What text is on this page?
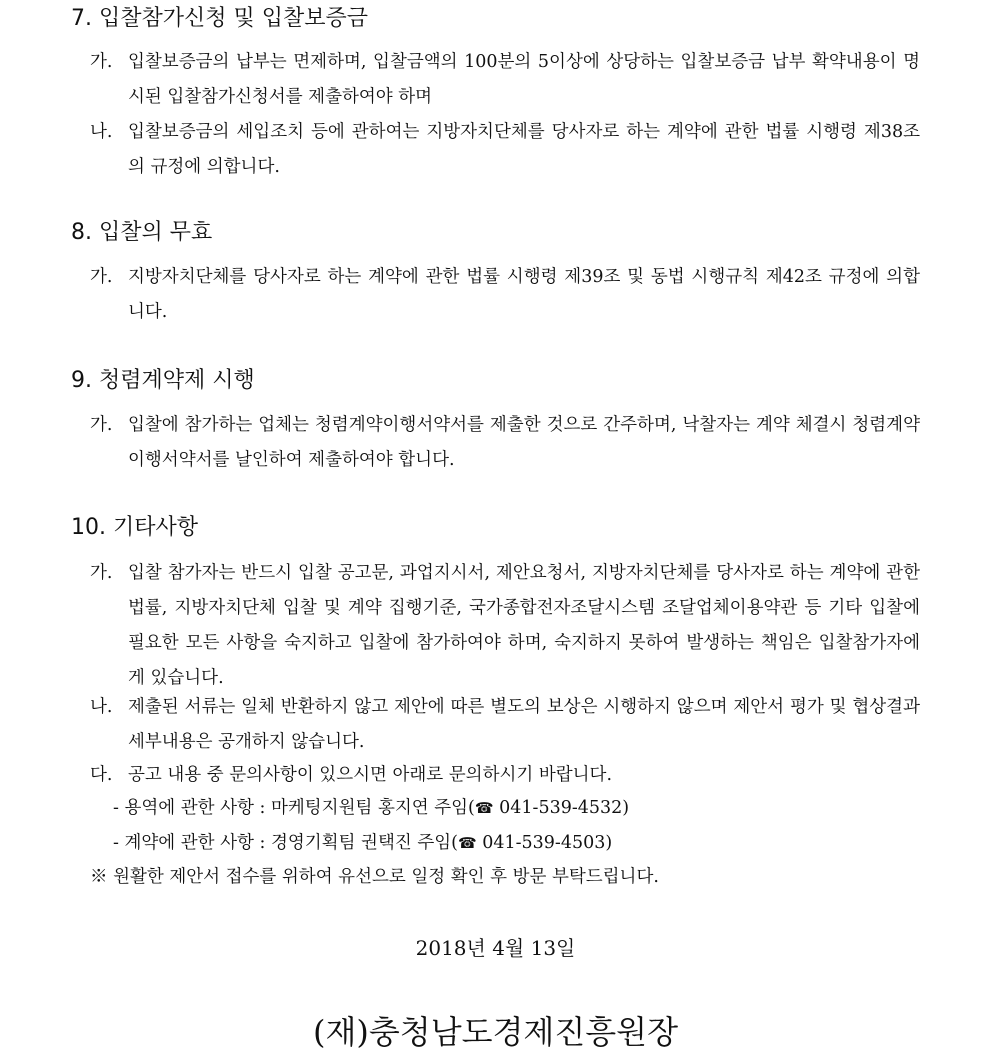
7. 입찰참가신청 및 입찰보증금
가. 입찰보증금의 납부는 면제하며, 입찰금액의 100분의 5이상에 상당하는 입찰보증금 납부 확약내용이 명시된 입찰참가신청서를 제출하여야 하며
나. 입찰보증금의 세입조치 등에 관하여는 지방자치단체를 당사자로 하는 계약에 관한 법률 시행령 제38조의 규정에 의합니다.
8. 입찰의 무효
가. 지방자치단체를 당사자로 하는 계약에 관한 법률 시행령 제39조 및 동법 시행규칙 제42조 규정에 의합니다.
9. 청렴계약제 시행
가. 입찰에 참가하는 업체는 청렴계약이행서약서를 제출한 것으로 간주하며, 낙찰자는 계약 체결시 청렴계약이행서약서를 날인하여 제출하여야 합니다.
10. 기타사항
가. 입찰 참가자는 반드시 입찰 공고문, 과업지시서, 제안요청서, 지방자치단체를 당사자로 하는 계약에 관한 법률, 지방자치단체 입찰 및 계약 집행기준, 국가종합전자조달시스템 조달업체이용약관 등 기타 입찰에 필요한 모든 사항을 숙지하고 입찰에 참가하여야 하며, 숙지하지 못하여 발생하는 책임은 입찰참가자에게 있습니다.
나. 제출된 서류는 일체 반환하지 않고 제안에 따른 별도의 보상은 시행하지 않으며 제안서 평가 및 협상결과 세부내용은 공개하지 않습니다.
다. 공고 내용 중 문의사항이 있으시면 아래로 문의하시기 바랍니다.
- 용역에 관한 사항 : 마케팅지원팀 홍지연 주임(☎ 041-539-4532)
- 계약에 관한 사항 : 경영기획팀 권택진 주임(☎ 041-539-4503)
※ 원활한 제안서 접수를 위하여 유선으로 일정 확인 후 방문 부탁드립니다.
2018년 4월 13일
(재)충청남도경제진흥원장
